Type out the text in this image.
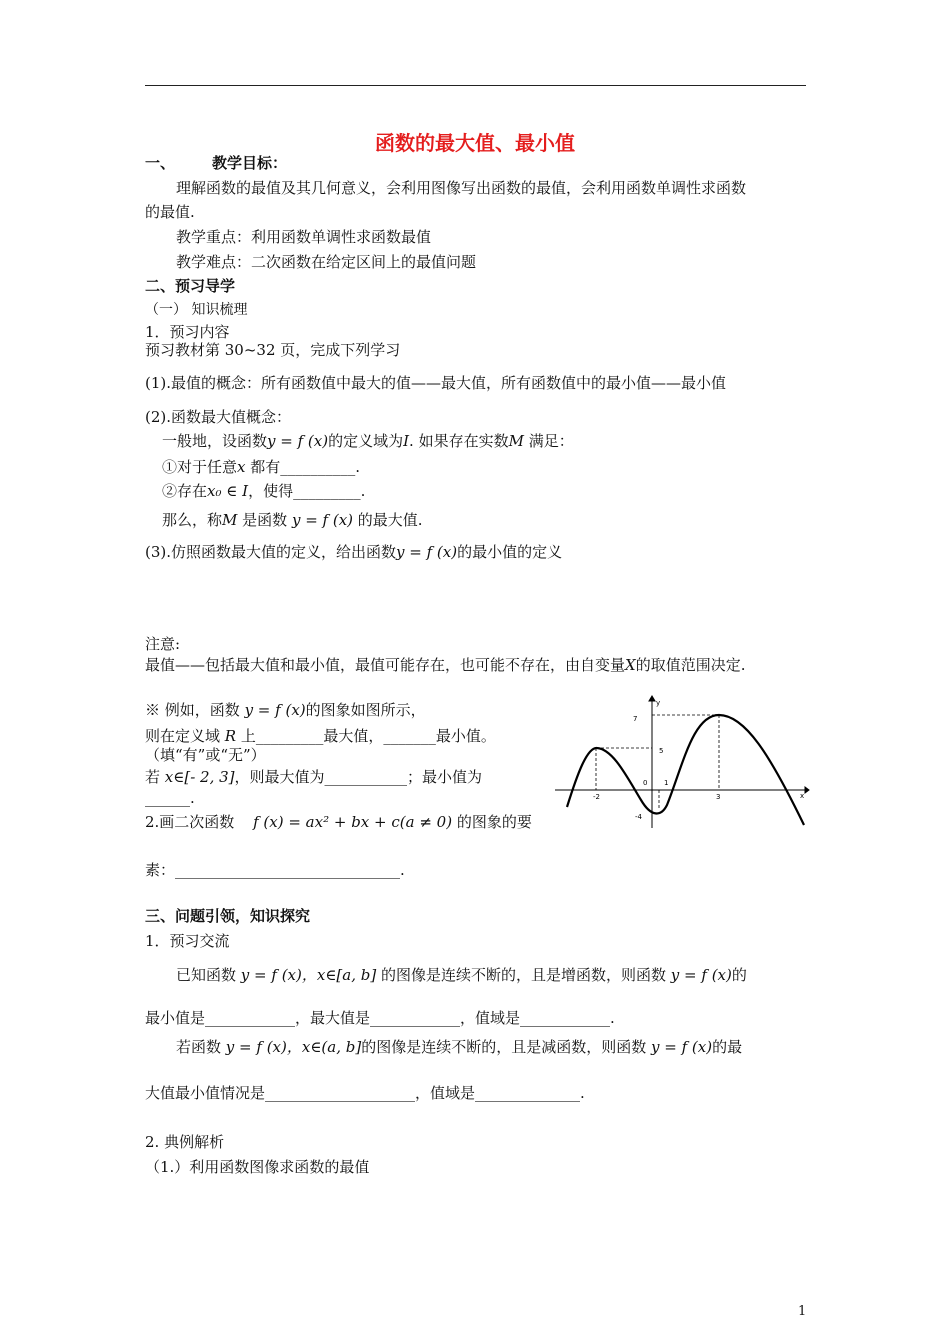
函数的最大值、最小值
一、 教学目标：
理解函数的最值及其几何意义，会利用图像写出函数的最值，会利用函数单调性求函数
的最值.
教学重点：利用函数单调性求函数最值
教学难点：二次函数在给定区间上的最值问题
二、预习导学
（一） 知识梳理
1．预习内容
预习教材第 30~32 页，完成下列学习
(1).最值的概念：所有函数值中最大的值——最大值，所有函数值中的最小值——最小值
(2).函数最大值概念：
一般地，设函数y = f (x)的定义域为I. 如果存在实数M 满足：
①对于任意x 都有__________.
②存在x₀ ∈ I，使得_________.
那么，称M 是函数 y = f (x) 的最大值.
(3).仿照函数最大值的定义，给出函数y = f (x)的最小值的定义
注意:
最值——包括最大值和最小值，最值可能存在，也可能不存在，由自变量X的取值范围决定.
※ 例如，函数 y = f (x)的图象如图所示，
则在定义域 R 上_________最大值，_______最小值。
（填“有”或“无”）
若 x∈[- 2, 3]，则最大值为___________；最小值为
______.
2.画二次函数 f (x) = ax² + bx + c(a ≠ 0) 的图象的要
素：______________________________.
y
x
7
5
0 1
-2	3
-4
三、问题引领，知识探究
1．预习交流
已知函数 y = f (x)，x∈[a, b] 的图像是连续不断的，且是增函数，则函数 y = f (x)的
最小值是____________，最大值是____________，值域是____________.
若函数 y = f (x)，x∈(a, b]的图像是连续不断的，且是减函数，则函数 y = f (x)的最
大值最小值情况是____________________，值域是______________.
2. 典例解析
（1.）利用函数图像求函数的最值
1
